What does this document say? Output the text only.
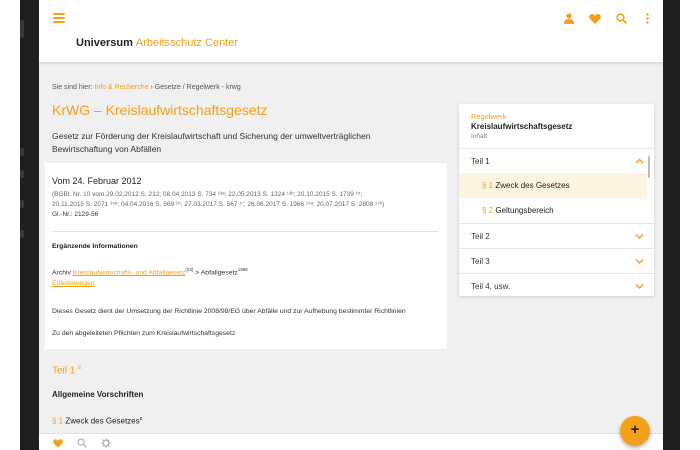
Universum Arbeitsschutz Center
Sie sind hier: Info & Recherche › Gesetze / Regelwerk - krwg
KrWG – Kreislaufwirtschaftsgesetz
Gesetz zur Förderung der Kreislaufwirtschaft und Sicherung der umweltverträglichen Bewirtschaftung von Abfällen
Vom 24. Februar 2012
(BGBl. Nr. 10 vom 29.02.2012 S. 212; 08.04.2013 S. 734 ¹³ᵃ; 22.05.2013 S. 1324 ¹³ᵇ; 20.10.2015 S. 1739 ¹⁵;
20.11.2015 S. 2071 ¹⁵ᵃ; 04.04.2016 S. 569 ¹⁶; 27.03.2017 S. 567 ¹⁷; 26.06.2017 S. 1966 ¹⁷ᵃ; 20.07.2017 S. 2808 ¹⁷ᵇ)
Gl.-Nr.: 2129-56
Ergänzende Informationen
Archiv Kreislaufwirtschafts- und Abfallgesetz$^{(23)}$ > Abfallgesetz$^{1986}$
Erläuterungen
Dieses Gesetz dient der Umsetzung der Richtlinie 2008/98/EG über Abfälle und zur Aufhebung bestimmter Richtlinien
Zu den abgeleiteten Pflichten zum Kreislaufwirtschaftsgesetz
Teil 1 $^E$
Allgemeine Vorschriften
§ 1 Zweck des Gesetzes$^E$
Regelwerk
Kreislaufwirtschaftsgesetz
Inhalt
Teil 1
§ 1 Zweck des Gesetzes
§ 2 Geltungsbereich
Teil 2
Teil 3
Teil 4, usw.
+
